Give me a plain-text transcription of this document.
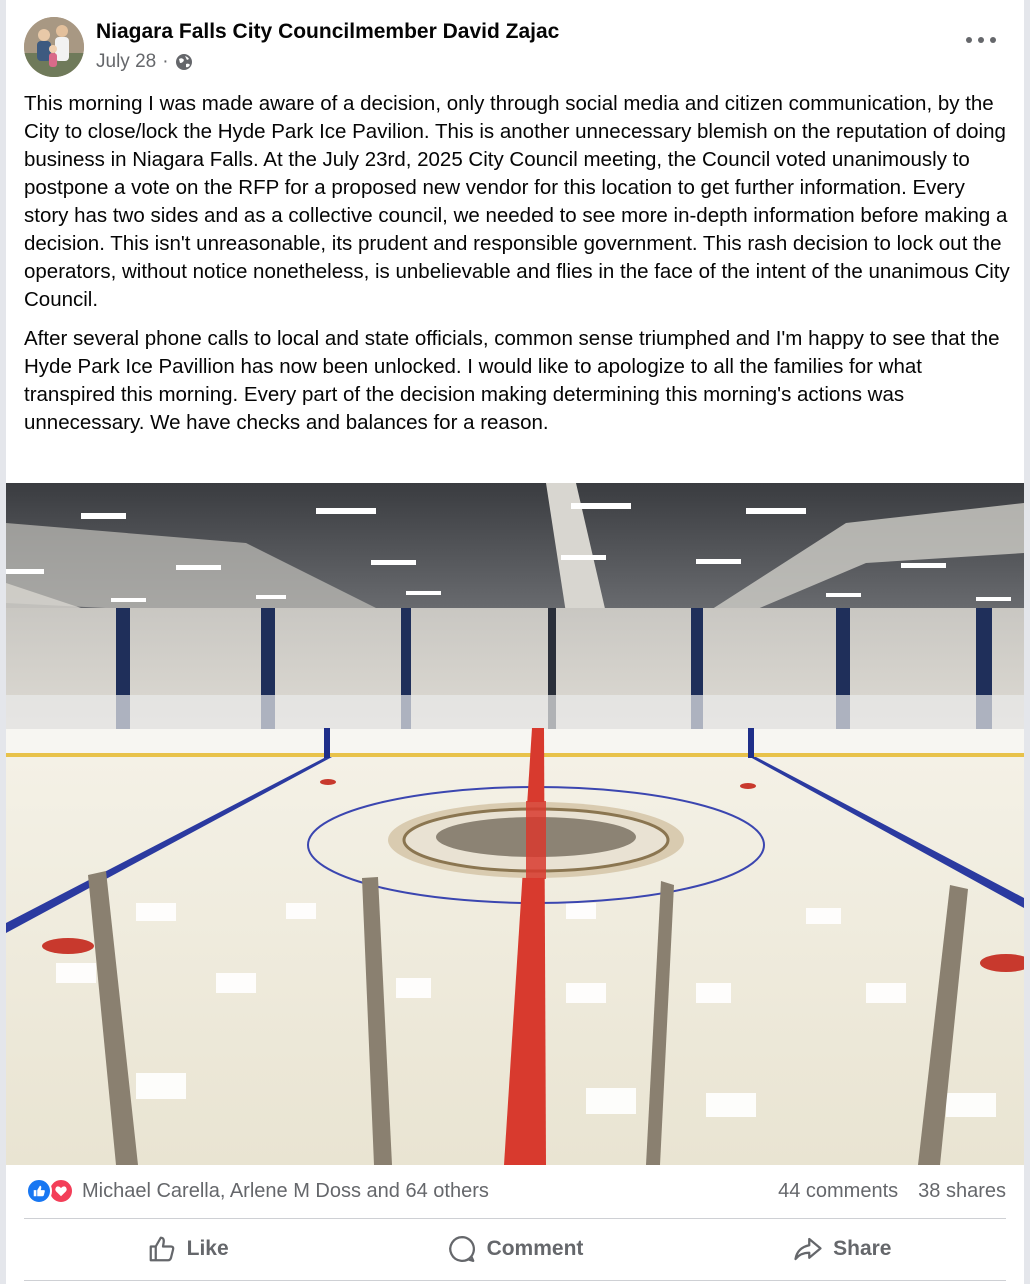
Niagara Falls City Councilmember David Zajac
July 28 ·

This morning I was made aware of a decision, only through social media and citizen communication, by the City to close/lock the Hyde Park Ice Pavilion. This is another unnecessary blemish on the reputation of doing business in Niagara Falls. At the July 23rd, 2025 City Council meeting, the Council voted unanimously to postpone a vote on the RFP for a proposed new vendor for this location to get further information. Every story has two sides and as a collective council, we needed to see more in-depth information before making a decision. This isn't unreasonable, its prudent and responsible government. This rash decision to lock out the operators, without notice nonetheless, is unbelievable and flies in the face of the intent of the unanimous City Council.

After several phone calls to local and state officials, common sense triumphed and I'm happy to see that the Hyde Park Ice Pavillion has now been unlocked. I would like to apologize to all the families for what transpired this morning. Every part of the decision making determining this morning's actions was unnecessary. We have checks and balances for a reason.

Michael Carella, Arlene M Doss and 64 others	44 comments 38 shares
Like	Comment	Share
